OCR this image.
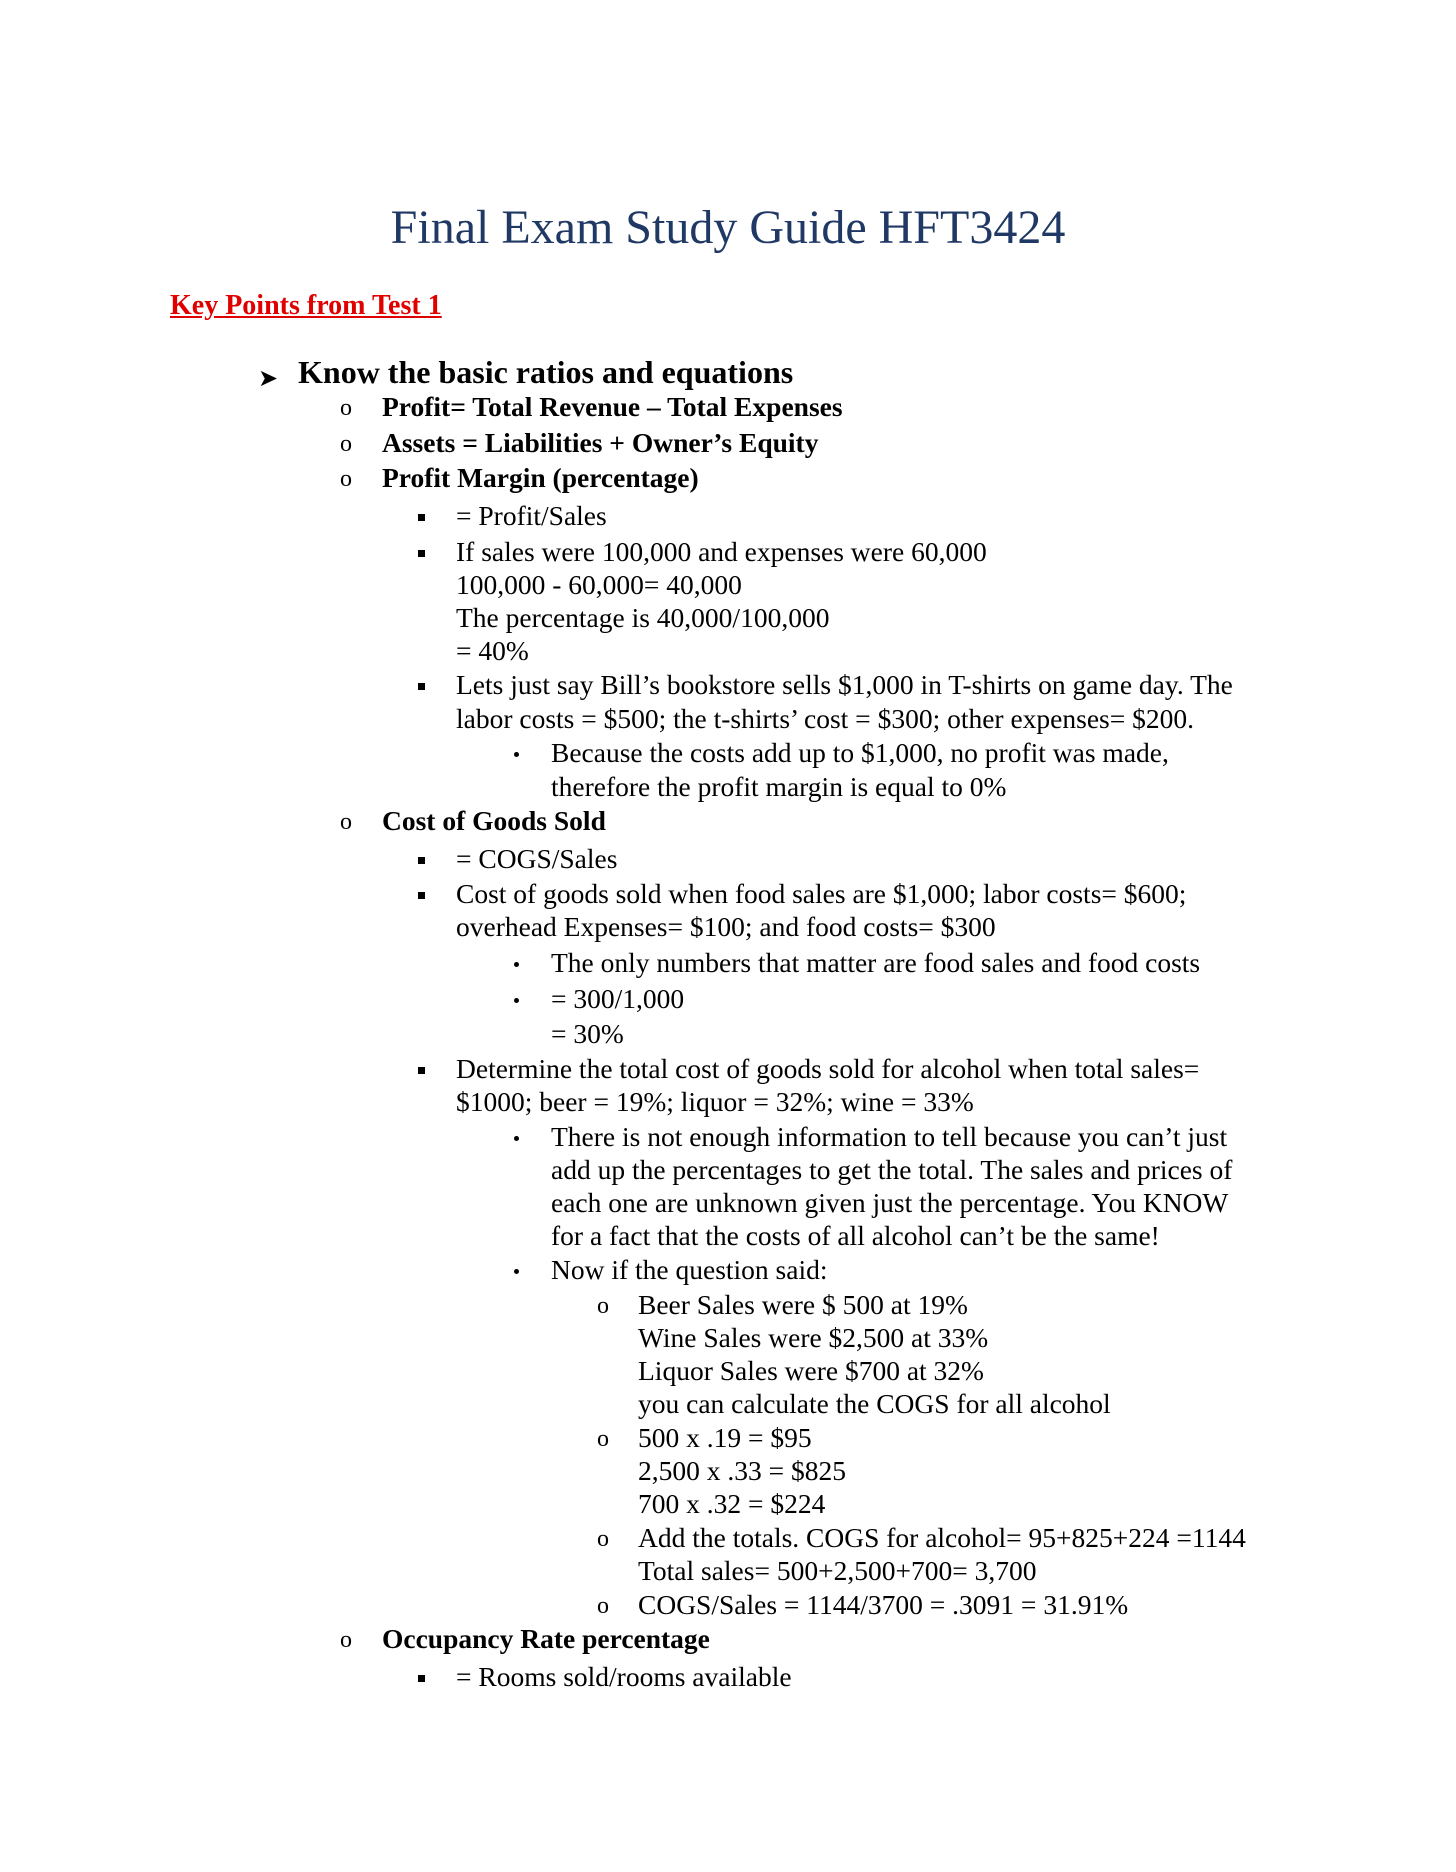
Final Exam Study Guide HFT3424
Key Points from Test 1
➤ Know the basic ratios and equations
o Profit= Total Revenue – Total Expenses
o Assets = Liabilities + Owner’s Equity
o Profit Margin (percentage)
= Profit/Sales
If sales were 100,000 and expenses were 60,000
100,000 - 60,000= 40,000
The percentage is 40,000/100,000
= 40%
Lets just say Bill’s bookstore sells $1,000 in T-shirts on game day. The
labor costs = $500; the t-shirts’ cost = $300; other expenses= $200.
Because the costs add up to $1,000, no profit was made,
therefore the profit margin is equal to 0%
o Cost of Goods Sold
= COGS/Sales
Cost of goods sold when food sales are $1,000; labor costs= $600;
overhead Expenses= $100; and food costs= $300
The only numbers that matter are food sales and food costs
= 300/1,000
= 30%
Determine the total cost of goods sold for alcohol when total sales=
$1000; beer = 19%; liquor = 32%; wine = 33%
There is not enough information to tell because you can’t just
add up the percentages to get the total. The sales and prices of
each one are unknown given just the percentage. You KNOW
for a fact that the costs of all alcohol can’t be the same!
Now if the question said:
o Beer Sales were $ 500 at 19%
Wine Sales were $2,500 at 33%
Liquor Sales were $700 at 32%
you can calculate the COGS for all alcohol
o 500 x .19 = $95
2,500 x .33 = $825
700 x .32 = $224
o Add the totals. COGS for alcohol= 95+825+224 =1144
Total sales= 500+2,500+700= 3,700
o COGS/Sales = 1144/3700 = .3091 = 31.91%
o Occupancy Rate percentage
= Rooms sold/rooms available
